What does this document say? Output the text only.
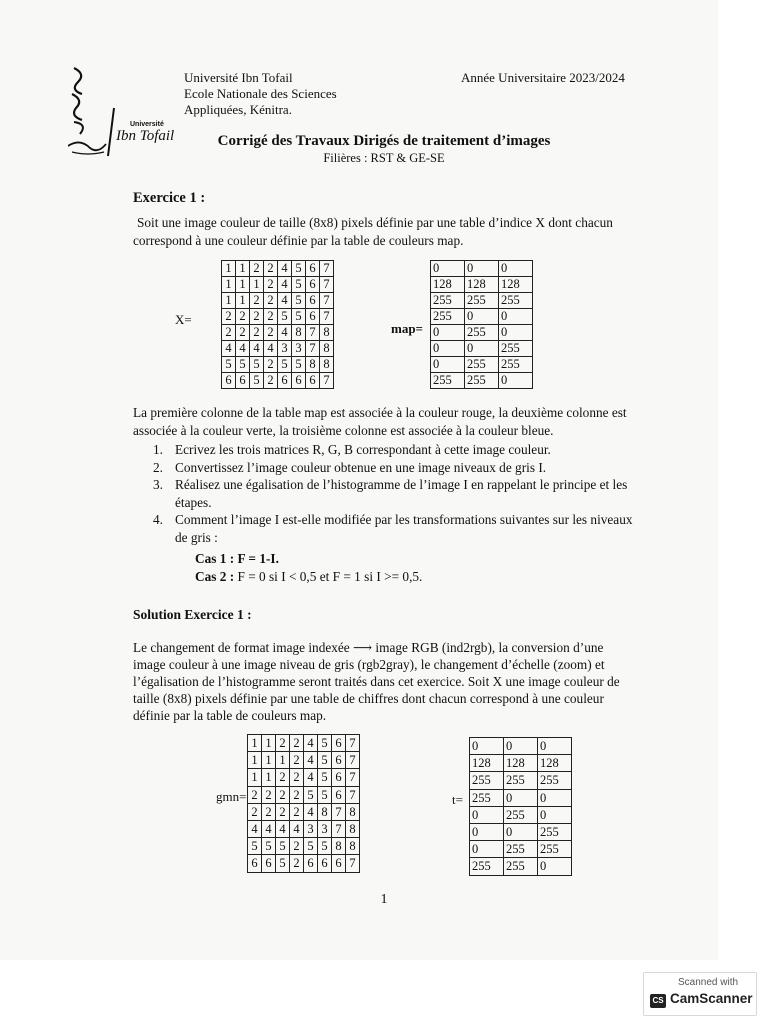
Université
Ibn Tofail
Université Ibn Tofail
Ecole Nationale des Sciences
Appliquées, Kénitra.
Année Universitaire 2023/2024
Corrigé des Travaux Dirigés de traitement d’images
Filières : RST & GE-SE
Exercice 1 :
Soit une image couleur de taille (8x8) pixels définie par une table d’indice X dont chacun
correspond à une couleur définie par la table de couleurs map.
X=
1	1	2	2	4	5	6	7
1	1	1	2	4	5	6	7
1	1	2	2	4	5	6	7
2	2	2	2	5	5	6	7
2	2	2	2	4	8	7	8
4	4	4	4	3	3	7	8
5	5	5	2	5	5	8	8
6	6	5	2	6	6	6	7
map=
0	0	0
128	128	128
255	255	255
255	0	0
0	255	0
0	0	255
0	255	255
255	255	0
La première colonne de la table map est associée à la couleur rouge, la deuxième colonne est
associée à la couleur verte, la troisième colonne est associée à la couleur bleue.
1. Ecrivez les trois matrices R, G, B correspondant à cette image couleur.
2. Convertissez l’image couleur obtenue en une image niveaux de gris I.
3. Réalisez une égalisation de l’histogramme de l’image I en rappelant le principe et les
étapes.
4. Comment l’image I est-elle modifiée par les transformations suivantes sur les niveaux
de gris :
Cas 1 : F = 1-I.
Cas 2 : F = 0 si I < 0,5 et F = 1 si I >= 0,5.
Solution Exercice 1 :
Le changement de format image indexée ⟶ image RGB (ind2rgb), la conversion d’une
image couleur à une image niveau de gris (rgb2gray), le changement d’échelle (zoom) et
l’égalisation de l’histogramme seront traités dans cet exercice. Soit X une image couleur de
taille (8x8) pixels définie par une table de chiffres dont chacun correspond à une couleur
définie par la table de couleurs map.
gmn=
1	1	2	2	4	5	6	7
1	1	1	2	4	5	6	7
1	1	2	2	4	5	6	7
2	2	2	2	5	5	6	7
2	2	2	2	4	8	7	8
4	4	4	4	3	3	7	8
5	5	5	2	5	5	8	8
6	6	5	2	6	6	6	7
t=
0	0	0
128	128	128
255	255	255
255	0	0
0	255	0
0	0	255
0	255	255
255	255	0
1
Scanned with
CS CamScanner
